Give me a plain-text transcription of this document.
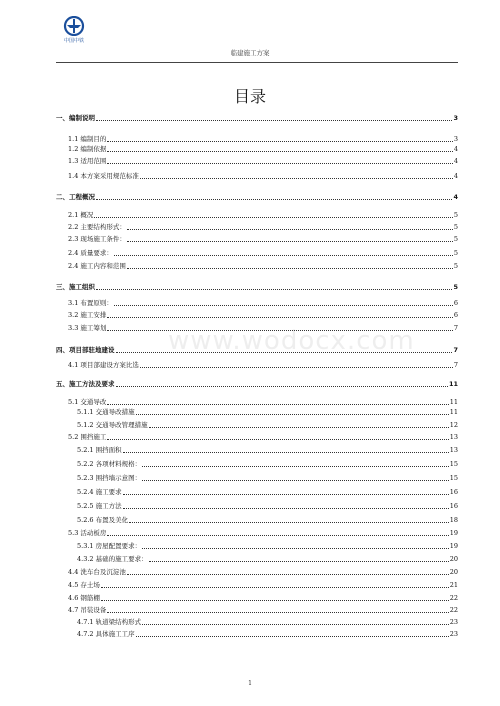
中国中铁
临建施工方案
目录
www.wodocx.com
一、编制说明	3
1.1 编制目的	3
1.2 编制依据	4
1.3 适用范围	4
1.4 本方案采用规范标准	4
二、工程概况	4
2.1 概况	5
2.2 主要结构形式：	5
2.3 现场施工条件：	5
2.4 质量要求：	5
2.4 施工内容和范围	5
三、施工组织	5
3.1 布置原则：	6
3.2 施工安排	6
3.3 施工筹划	7
四、项目部驻地建设	7
4.1 项目部建设方案比选	7
五、施工方法及要求	11
5.1 交通导改	11
5.1.1 交通导改措施	11
5.1.2 交通导改管理措施	12
5.2 围挡施工	13
5.2.1 围挡面积	13
5.2.2 各项材料规格：	15
5.2.3 围挡墙示意图：	15
5.2.4 施工要求	16
5.2.5 施工方法	16
5.2.6 布置及美化	18
5.3 活动板房	19
5.3.1 房屋配置要求：	19
4.3.2 基础的施工要求：	20
4.4 洗车台及沉淀池	20
4.5 存土场	21
4.6 钢筋棚	22
4.7 吊装设备	22
4.7.1 轨道梁结构形式	23
4.7.2 具体施工工序	23
1
